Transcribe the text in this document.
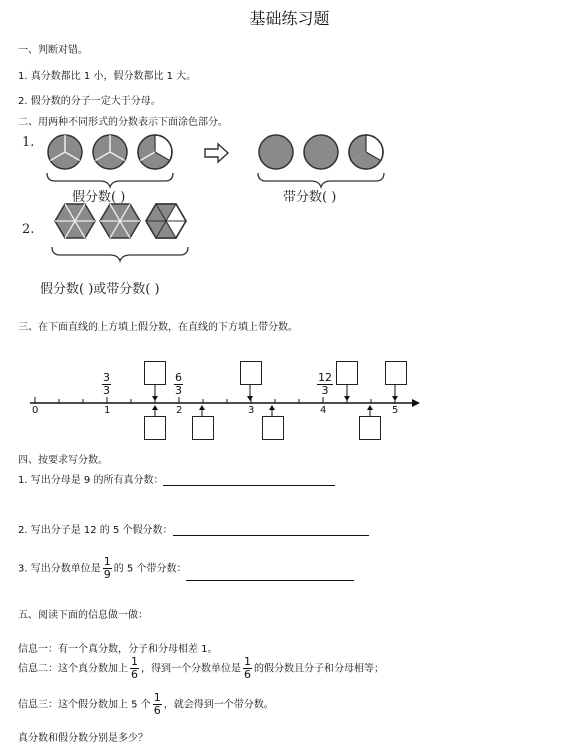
基础练习题
一、判断对错。
1. 真分数都比 1 小，假分数都比 1 大。
2. 假分数的分子一定大于分母。
二、用两种不同形式的分数表示下面涂色部分。
1.
假分数( )	带分数( )
2.
假分数( )或带分数( )
三、在下面直线的上方填上假分数，在直线的下方填上带分数。
$\frac{3}{3}$	$\frac{6}{3}$	$\frac{12}{3}$
0	1	2	3	4	5
四、按要求写分数。
1. 写出分母是 9 的所有真分数：
2. 写出分子是 12 的 5 个假分数：
3. 写出分数单位是 $\frac{1}{9}$ 的 5 个带分数：
五、阅读下面的信息做一做：
信息一：有一个真分数，分子和分母相差 1。
信息二：这个真分数加上 $\frac{1}{6}$ ，得到一个分数单位是 $\frac{1}{6}$ 的假分数且分子和分母相等；
信息三：这个假分数加上 5 个 $\frac{1}{6}$ ，就会得到一个带分数。
真分数和假分数分别是多少？
